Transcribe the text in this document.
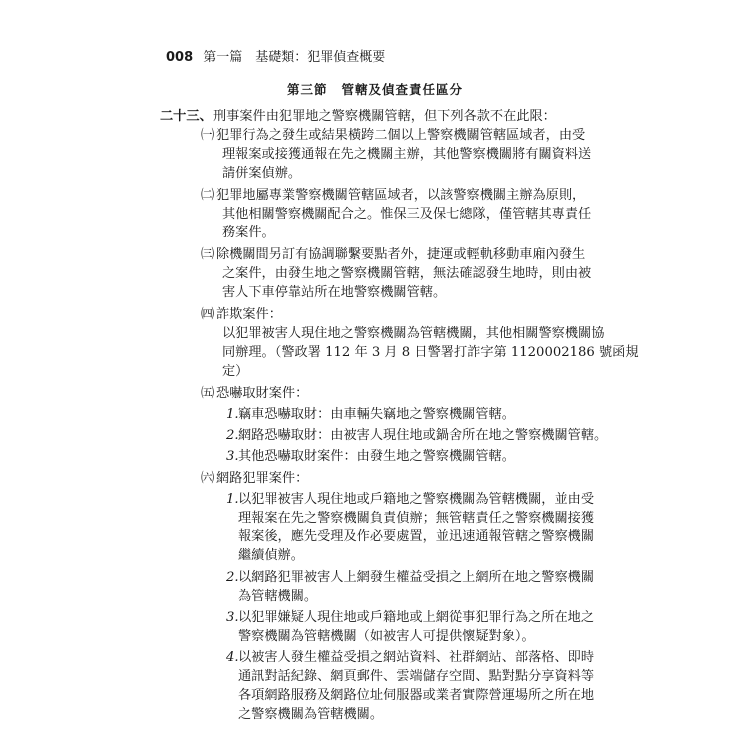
008 第一篇　基礎類：犯罪偵查概要
第三節 管轄及偵查責任區分
二十三、 刑事案件由犯罪地之警察機關管轄，但下列各款不在此限：
㈠ 犯罪行為之發生或結果橫跨二個以上警察機關管轄區域者，由受
理報案或接獲通報在先之機關主辦，其他警察機關將有關資料送
請併案偵辦。
㈡ 犯罪地屬專業警察機關管轄區域者，以該警察機關主辦為原則，
其他相關警察機關配合之。惟保三及保七總隊，僅管轄其專責任
務案件。
㈢ 除機關間另訂有協調聯繫要點者外，捷運或輕軌移動車廂內發生
之案件，由發生地之警察機關管轄，無法確認發生地時，則由被
害人下車停靠站所在地警察機關管轄。
㈣ 詐欺案件：
以犯罪被害人現住地之警察機關為管轄機關，其他相關警察機關協
同辦理。（警政署 112 年 3 月 8 日警署打詐字第 1120002186 號函規
定）
㈤ 恐嚇取財案件：
1. 竊車恐嚇取財：由車輛失竊地之警察機關管轄。
2. 網路恐嚇取財：由被害人現住地或鍋舍所在地之警察機關管轄。
3. 其他恐嚇取財案件：由發生地之警察機關管轄。
㈥ 網路犯罪案件：
1. 以犯罪被害人現住地或戶籍地之警察機關為管轄機關，並由受
理報案在先之警察機關負責偵辦；無管轄責任之警察機關接獲
報案後，應先受理及作必要處置，並迅速通報管轄之警察機關
繼續偵辦。
2. 以網路犯罪被害人上網發生權益受損之上網所在地之警察機關
為管轄機關。
3. 以犯罪嫌疑人現住地或戶籍地或上網從事犯罪行為之所在地之
警察機關為管轄機關（如被害人可提供懷疑對象）。
4. 以被害人發生權益受損之網站資料、社群網站、部落格、即時
通訊對話紀錄、網頁郵件、雲端儲存空間、點對點分享資料等
各項網路服務及網路位址伺服器或業者實際營運場所之所在地
之警察機關為管轄機關。
